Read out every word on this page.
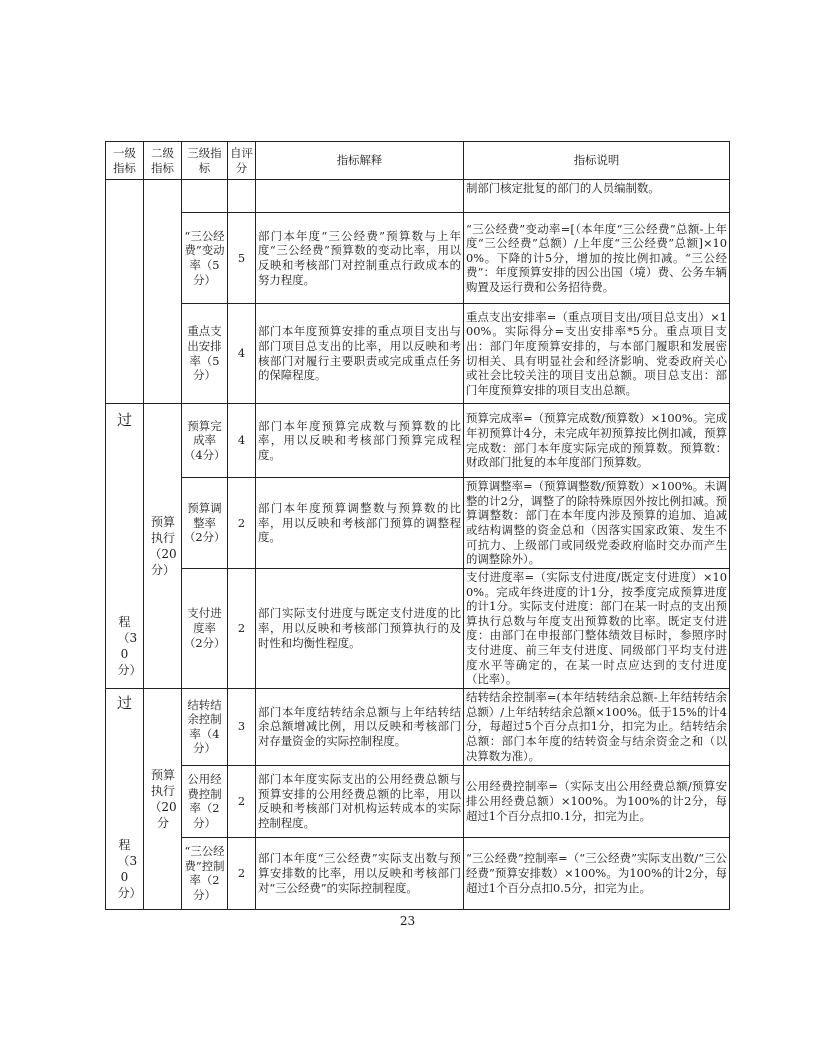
一级指标	二级指标	三级指标	自评分	指标解释	指标说明
					制部门核定批复的部门的人员编制数。
		“三公经费”变动率（5分）	5	部门本年度“三公经费”预算数与上年度“三公经费”预算数的变动比率，用以反映和考核部门对控制重点行政成本的努力程度。	“三公经费”变动率=[（本年度“三公经费”总额-上年度“三公经费”总额）/上年度“三公经费”总额]×100%。下降的计5分，增加的按比例扣减。“三公经费”：年度预算安排的因公出国（境）费、公务车辆购置及运行费和公务招待费。
		重点支出安排率（5分）	4	部门本年度预算安排的重点项目支出与部门项目总支出的比率，用以反映和考核部门对履行主要职责或完成重点任务的保障程度。	重点支出安排率=（重点项目支出/项目总支出）×100%。实际得分=支出安排率*5分。重点项目支出：部门年度预算安排的，与本部门履职和发展密切相关、具有明显社会和经济影响、党委政府关心或社会比较关注的项目支出总额。项目总支出：部门年度预算安排的项目支出总额。

过
程（30分）	预算执行（20分）	预算完成率（4分）	4	部门本年度预算完成数与预算数的比率，用以反映和考核部门预算完成程度。	预算完成率=（预算完成数/预算数）×100%。完成年初预算计4分，未完成年初预算按比例扣减，预算完成数：部门本年度实际完成的预算数。预算数：财政部门批复的本年度部门预算数。
		预算调整率（2分）	2	部门本年度预算调整数与预算数的比率，用以反映和考核部门预算的调整程度。	预算调整率=（预算调整数/预算数）×100%。未调整的计2分，调整了的除特殊原因外按比例扣减。预算调整数：部门在本年度内涉及预算的追加、追减或结构调整的资金总和（因落实国家政策、发生不可抗力、上级部门或同级党委政府临时交办而产生的调整除外）。
		支付进度率（2分）	2	部门实际支付进度与既定支付进度的比率，用以反映和考核部门预算执行的及时性和均衡性程度。	支付进度率=（实际支付进度/既定支付进度）×100%。完成年终进度的计1分，按季度完成预算进度的计1分。实际支付进度：部门在某一时点的支出预算执行总数与年度支出预算数的比率。既定支付进度：由部门在申报部门整体绩效目标时，参照序时支付进度、前三年支付进度、同级部门平均支付进度水平等确定的，在某一时点应达到的支付进度（比率）。

过
程（30分）	预算执行（20分	结转结余控制率（4分）	3	部门本年度结转结余总额与上年结转结余总额增减比例，用以反映和考核部门对存量资金的实际控制程度。	结转结余控制率=(本年结转结余总额-上年结转结余总额）/上年结转结余总额×100%。低于15%的计4分，每超过5个百分点扣1分，扣完为止。结转结余总额：部门本年度的结转资金与结余资金之和（以决算数为准）。
		公用经费控制率（2分）	2	部门本年度实际支出的公用经费总额与预算安排的公用经费总额的比率，用以反映和考核部门对机构运转成本的实际控制程度。	公用经费控制率=（实际支出公用经费总额/预算安排公用经费总额）×100%。为100%的计2分，每超过1个百分点扣0.1分，扣完为止。
		“三公经费”控制率（2分）	2	部门本年度“三公经费”实际支出数与预算安排数的比率，用以反映和考核部门对“三公经费”的实际控制程度。	“三公经费”控制率=（“三公经费”实际支出数/“三公经费”预算安排数）×100%。为100%的计2分，每超过1个百分点扣0.5分，扣完为止。
23
